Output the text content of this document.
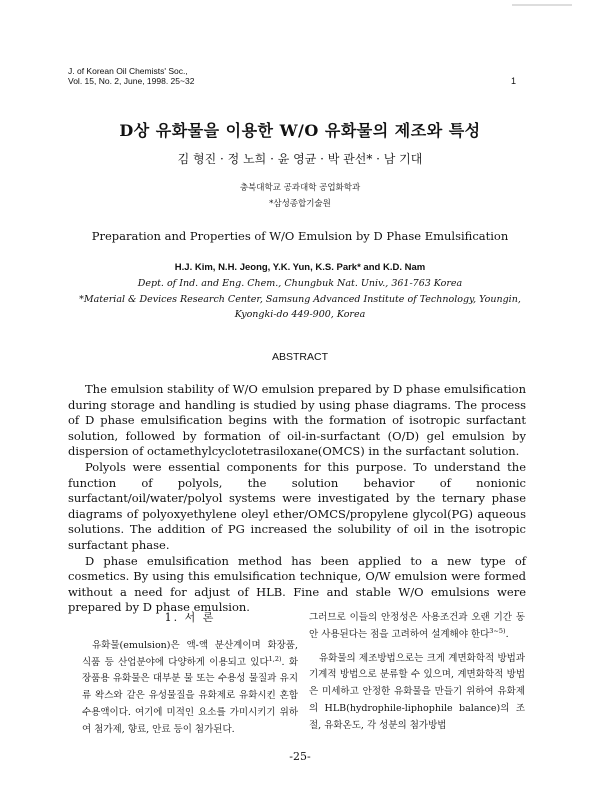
J. of Korean Oil Chemists' Soc.,
Vol. 15, No. 2, June, 1998. 25~32	1
D상 유화물을 이용한 W/O 유화물의 제조와 특성
김 형진 · 정 노희 · 윤 영균 · 박 관선* · 남 기대
충북대학교 공과대학 공업화학과
*삼성종합기술원
Preparation and Properties of W/O Emulsion by D Phase Emulsification
H.J. Kim, N.H. Jeong, Y.K. Yun, K.S. Park* and K.D. Nam
Dept. of Ind. and Eng. Chem., Chungbuk Nat. Univ., 361-763 Korea
*Material & Devices Research Center, Samsung Advanced Institute of Technology, Youngin,
Kyongki-do 449-900, Korea
ABSTRACT

The emulsion stability of W/O emulsion prepared by D phase emulsification during storage and handling is studied by using phase diagrams. The process of D phase emulsification begins with the formation of isotropic surfactant solution, followed by formation of oil-in-surfactant (O/D) gel emulsion by dispersion of octamethylcyclotetrasiloxane(OMCS) in the surfactant solution.

Polyols were essential components for this purpose. To understand the function of polyols, the solution behavior of nonionic surfactant/oil/water/polyol systems were investigated by the ternary phase diagrams of polyoxyethylene oleyl ether/OMCS/propylene glycol(PG) aqueous solutions. The addition of PG increased the solubility of oil in the isotropic surfactant phase.

D phase emulsification method has been applied to a new type of cosmetics. By using this emulsification technique, O/W emulsion were formed without a need for adjust of HLB. Fine and stable W/O emulsions were prepared by D phase emulsion.

1. 서 론

유화물(emulsion)은 액-액 분산계이며 화장품, 식품 등 산업분야에 다양하게 이용되고 있다$^{1,2)}$. 화장품용 유화물은 대부분 물 또는 수용성 물질과 유지류 왁스와 같은 유성물질을 유화제로 유화시킨 혼합수용액이다. 여기에 미적인 요소를 가미시키기 위하여 첨가제, 향료, 안료 등이 첨가된다.

그러므로 이들의 안정성은 사용조건과 오랜 기간 동안 사용된다는 점을 고려하여 설계해야 한다$^{3\sim 5)}$.

유화물의 제조방법으로는 크게 계면화학적 방법과 기계적 방법으로 분류할 수 있으며, 계면화학적 방법은 미세하고 안정한 유화물을 만들기 위하여 유화제의 HLB(hydrophile-liphophile balance)의 조절, 유화온도, 각 성분의 첨가방법

-25-
